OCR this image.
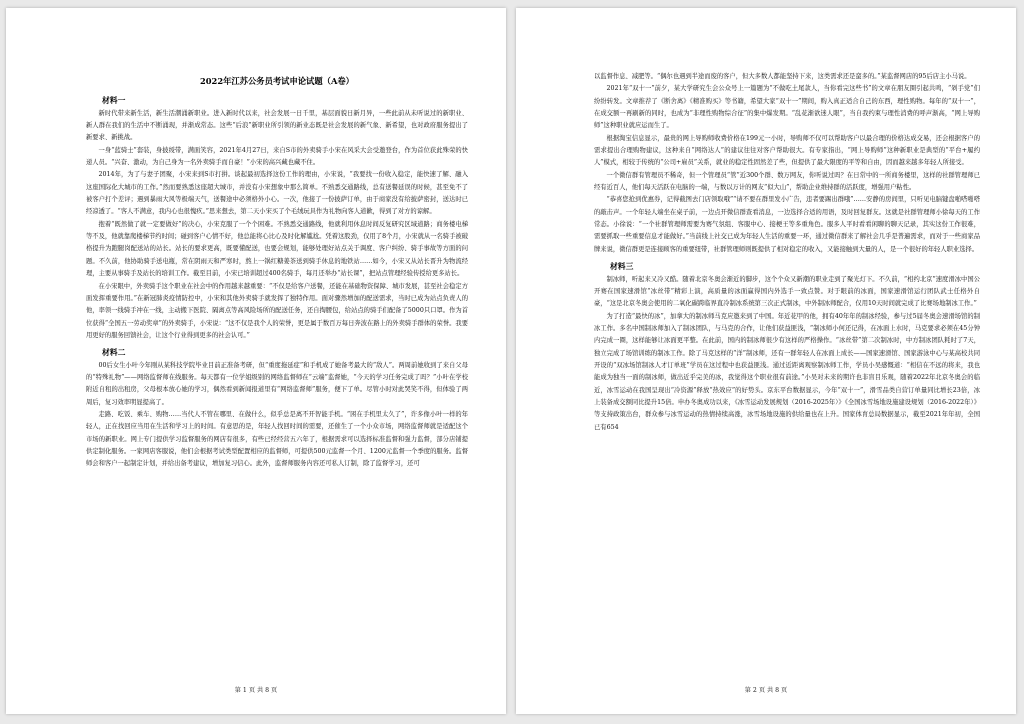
2022年江苏公务员考试申论试题（A卷）
材料一

新时代带来新生活，新生活潮涌新职业。进入新时代以来，社会发展一日千里，基层面貌日新月异，一些此前从未听说过的新职业、新人群在我们的生活中不断涌现，并渐成常态。这些“后浪”新职业所引领的新业态既是社会发展的新气象、新希望，也对政府服务提出了新要求、新挑战。

一身“蓝骑士”套装，身披绶带，满面笑容，2021年4月27日，来自S市的外卖骑手小宋在风采大会受邀登台，作为首位获此殊荣的快递人员。“兴奋、激动，为自己身为一名外卖骑手而自豪！”小宋的高兴藏也藏不住。

2014年，为了与妻子团聚，小宋来到S市打拼。谈起最初选择这份工作的理由，小宋说，“我要找一份收入稳定，能快速了解、融入这座国际化大城市的工作。”然而要熟悉这座超大城市，并没有小宋想象中那么简单。不熟悉交通路线，总有送餐延误的时候，甚至免不了被客户打个差评；遇到暴雨大风等极端天气，送餐途中必须格外小心。一次，他接了一份披萨订单，由于商家没有给披萨密封，送达时已经凉透了。“客人不满意，我内心也很愧疚。”思来想去，第二天小宋买了个毛绒玩具作为礼物向客人道歉，得到了对方的谅解。

抱着“既然做了就一定要做好”的决心，小宋克服了一个个困难。不熟悉交通路线，他就利用休息时间反复研究区域道路；商务楼电梯等不及，他就靠爬楼梯节约时间；碰到客户心情不好，他总能将心比心及时化解尴尬。凭着这股劲，仅用了8个月，小宋就从一名骑手被破格提升为跑腿岗配送站的站长。站长的要求更高，既要懂配送，也要会规划，能够处理好站点关于调度、客户纠纷、骑手事故等方面的问题。不久前，他协助骑手送电瓶，常在阴雨天和严寒时，熬上一锅红糖姜茶送到骑手休息的地铁站……如今，小宋又从站长晋升为物流经理，主要从事骑手及站长的培训工作。截至目前，小宋已培训超过400名骑手，每月还举办“站长课”，把站点管理经验传授给更多站长。

在小宋眼中，外卖骑手这个职业在社会中的作用越来越重要：“不仅是给客户送餐，还能在基础物资保障、城市发展，甚至社会稳定方面发挥重要作用。”在新冠肺炎疫情防控中，小宋和其他外卖骑手就发挥了独特作用。面对骤然增加的配送需求，当时已成为站点负责人的他，率领一线骑手冲在一线，主动搬下医院、隔离点等高风险场所的配送任务，还自掏腰包，给站点的骑手们配备了5000只口罩。作为首位获得“全国五一劳动奖章”的外卖骑手，小宋说：“这不仅是我个人的荣誉，更是属于数百万每日奔波在路上的外卖骑手群体的荣誉。我要用更好的服务回馈社会，让这个行业得到更多的社会认可。”

材料二

00后女生小叶今年刚从某科技学院毕业目前正准备考研，但“重度拖延症”和手机成了她备考最大的“敌人”。两周前她收到了来自父母的“特殊礼物”——网络监督师在线服务。每天都有一位学姐级别的网络监督师在“云端”监督她，“今天的学习任务完成了吗？”小叶在学校附近自租的出租房，父母根本放心她的学习，偶然看到新闻报道里有“网络监督师”服务，便下了单。尽管小时对此哭笑不得，但体验了两周后，复习效率明显提高了。

走路、吃饭、乘车、购物……当代人不管在哪里、在做什么，似乎总是离不开智能手机。“困在手机里太久了”，许多像小叶一样的年轻人，正在找回应当用在生活和学习上的时间。有意思的是，年轻人找回时间的需要，还催生了一个小众市场，网络监督师就是适配这个市场的新职业。网上专门提供学习监督服务的网店有很多，有些已经经营五六年了，根据需求可以选择标准监督和强力监督，部分店铺提供定制化服务。一家网店客服说，他们会根据考试类型配置相应的监督师，可提供500元监督一个月、1200元监督一个季度的服务。监督师会和客户一起制定计划，并给出备考建议，增加复习信心。此外，监督师服务内容还可私人订制，除了监督学习，还可

第 1 页 共 8 页

以监督作息、减肥等。“偶尔也遇到半途而废的客户，但大多数人都能坚持下来，这类需求还是蛮多的。”某监督网店的95后店主小马说。

2021年“双十一”前夕，某大学研究生会公众号上一篇题为“不做吃土尾款人，当你看完这些书”的文章在朋友圈引起共鸣，“剁手党”们纷纷转发。文章推荐了《断舍离》《精准购买》等书籍，希望大家“双十一”期间，购入真正适合自己的东西，理性购物。每年的“双十一”，在成交额一再刷新的同时，也成为“非理性购物综合征”的集中爆发期。“乱花渐欲迷人眼”，当自我约束与理性消费的呼声渐高，“网上导购师”这种职业就应运而生了。

根据淘宝信息显示，最贵的网上导购师收费价格在199元一小时，导购师不仅可以帮助客户以最合理的价格达成交易，还会根据客户的需求提出合理购物建议，这种来自“网络达人”的建议往往对客户帮助很大。有专家指出，“网上导购师”这种新职业是典型的“平台+履约人”模式，相较于传统的“公司+雇员”关系，就业的稳定性固然差了些，但提供了最大限度的平等和自由，因而越来越多年轻人所接受。

一个微信群有管理员不稀奇，但一个管理员“管”近300个群、数万网友，你听说过吗？在日常中的一所商务楼里，这样的社群管理师已经有近百人，他们每天活跃在电脑的一端，与数以万计的网友“似大山”，帮助企业维持群的活跃度，增强用户粘性。

“恭喜您抢到优惠券，记得截图去门店领取哦”“请不要在群里发小广告，违者要踢出群哦”……安静的房间里，只听见电脑键盘啪嗒啪嗒的敲击声。一个年轻人端坐在桌子前，一边点开微信群查看消息，一边选择合适的用语，及时回复群友。这就是社群管理师小徐每天的工作常态。小徐说：“一个社群管理师需要为赛气氛组、客服中心、接梗王等多重角色。服多人平时看看闲聊的聊天记录，其实这份工作很难，需要抓取一些重要信息才能做好。”当前线上社交已成为年轻人生活的重要一环，通过微信群来了解社会几乎是普遍需求，而对于一些商家品牌来说，微信群更是连接顾客的重要纽带，社群管理师则既提供了相对稳定的收入，又能接触到大量的人，是一个很好的年轻人职业选择。

材料三

制冰师，听起来又冷又酷。随着北京冬奥会渐近的脚步，这个个众又新潮的职业走到了聚光灯下。不久前，“相约北京”速度滑冰中国公开赛在国家速滑馆“冰丝带”精彩上演，高质量的冰面赢得国内外选手一致点赞。对于眼前的冰面，国家速滑馆运行团队武士任格外自豪，“这是北京冬奥会使用的二氧化碳跨临界直冷制冰系统第三次正式制冰，中外制冰师配合，仅用10天时间就完成了比赛场地制冰工作。”

为了打造“最快的冰”，加拿大的制冰师马克应邀来到了中国。年近花甲的他，拥有40年年的制冰经验，参与过5届冬奥会速滑场馆的制冰工作。多名中国制冰师加入了制冰团队，与马克的合作，让他们获益匪浅，“制冰师小何还记得，在冰面上水时，马克要求必须在45分钟内完成一圈，这样能够让冰面更平整。在此前，国内的制冰师很少有这样的严格操作。“冰丝带”第二次制冰时，中方制冰团队耗时了7天，独立完成了场馆训练的制冰工作。除了马克这样的“洋”制冰师，还有一群年轻人在冰面上成长——国家速滑馆、国家游泳中心与某高校共同开设的“双冰场馆制冰人才订单班”学员在这过程中也获益匪浅。通过近距离观察制冰师工作，学员小吴感慨道：“相信在不远的将来，我也能成为独当一面的制冰师，做出近乎完美的冰，我觉得这个职业很有前途。”小吴对未来的期许也非盲目乐观，随着2022年北京冬奥会的临近，冰雪运动在我国呈现出“冷资源”释放“热效应”的好势头。京东平台数据显示，今年“双十一”，滑雪品类自营订单量同比增长23倍，冰上装备成交额同比提升15倍。申办冬奥成功以来，《冰雪运动发展规划（2016-2025年）》《全国冰雪场地设施建设规划（2016-2022年）》等支持政策出台，群众参与冰雪运动的热情持续高涨，冰雪场地设施的供给量也在上升。国家体育总局数据显示，截至2021年年初，全国已有654

第 2 页 共 8 页
